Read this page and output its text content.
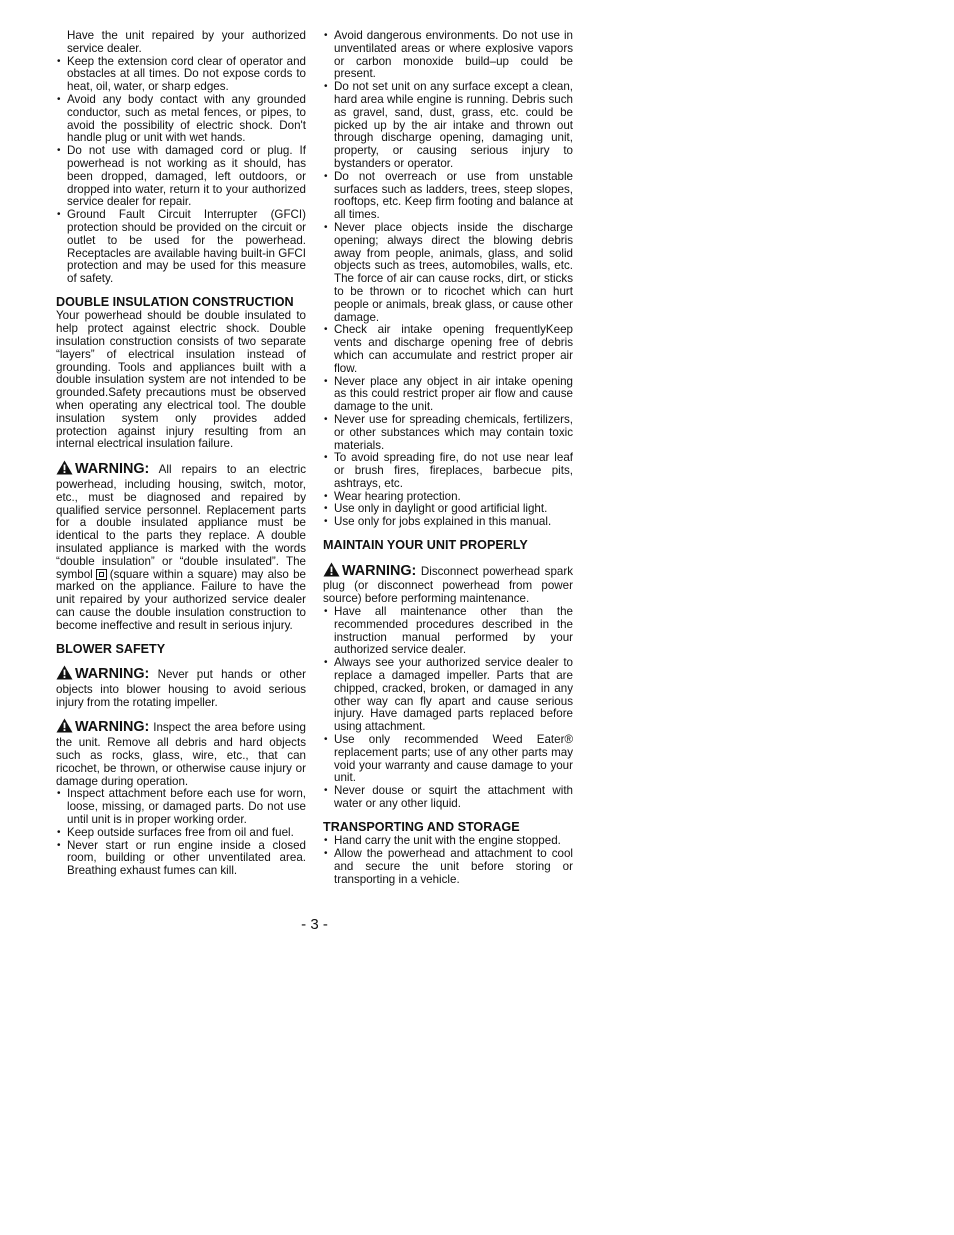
Have the unit repaired by your authorized service dealer.

• Keep the extension cord clear of operator and obstacles at all times. Do not expose cords to heat, oil, water, or sharp edges.
• Avoid any body contact with any grounded conductor, such as metal fences, or pipes, to avoid the possibility of electric shock. Don't handle plug or unit with wet hands.
• Do not use with damaged cord or plug. If powerhead is not working as it should, has been dropped, damaged, left outdoors, or dropped into water, return it to your authorized service dealer for repair.
• Ground Fault Circuit Interrupter (GFCI) protection should be provided on the circuit or outlet to be used for the powerhead. Receptacles are available having built-in GFCI protection and may be used for this measure of safety.
DOUBLE INSULATION CONSTRUCTION

Your powerhead should be double insulated to help protect against electric shock. Double insulation construction consists of two separate “layers” of electrical insulation instead of grounding. Tools and appliances built with a double insulation system are not intended to be grounded.Safety precautions must be observed when operating any electrical tool. The double insulation system only provides added protection against injury resulting from an internal electrical insulation failure.

WARNING: All repairs to an electric powerhead, including housing, switch, motor, etc., must be diagnosed and repaired by qualified service personnel. Replacement parts for a double insulated appliance must be identical to the parts they replace. A double insulated appliance is marked with the words “double insulation” or “double insulated”. The symbol (square within a square) may also be marked on the appliance. Failure to have the unit repaired by your authorized service dealer can cause the double insulation construction to become ineffective and result in serious injury.

BLOWER SAFETY

WARNING: Never put hands or other objects into blower housing to avoid serious injury from the rotating impeller.

WARNING: Inspect the area before using the unit. Remove all debris and hard objects such as rocks, glass, wire, etc., that can ricochet, be thrown, or otherwise cause injury or damage during operation.

• Inspect attachment before each use for worn, loose, missing, or damaged parts. Do not use until unit is in proper working order.
• Keep outside surfaces free from oil and fuel.
• Never start or run engine inside a closed room, building or other unventilated area. Breathing exhaust fumes can kill.
• Avoid dangerous environments. Do not use in unventilated areas or where explosive vapors or carbon monoxide build–up could be present.
• Do not set unit on any surface except a clean, hard area while engine is running. Debris such as gravel, sand, dust, grass, etc. could be picked up by the air intake and thrown out through discharge opening, damaging unit, property, or causing serious injury to bystanders or operator.
• Do not overreach or use from unstable surfaces such as ladders, trees, steep slopes, rooftops, etc. Keep firm footing and balance at all times.
• Never place objects inside the discharge opening; always direct the blowing debris away from people, animals, glass, and solid objects such as trees, automobiles, walls, etc. The force of air can cause rocks, dirt, or sticks to be thrown or to ricochet which can hurt people or animals, break glass, or cause other damage.
• Check air intake opening frequentlyKeep vents and discharge opening free of debris which can accumulate and restrict proper air flow.
• Never place any object in air intake opening as this could restrict proper air flow and cause damage to the unit.
• Never use for spreading chemicals, fertilizers, or other substances which may contain toxic materials.
• To avoid spreading fire, do not use near leaf or brush fires, fireplaces, barbecue pits, ashtrays, etc.
• Wear hearing protection.
• Use only in daylight or good artificial light.
• Use only for jobs explained in this manual.
MAINTAIN YOUR UNIT PROPERLY

WARNING: Disconnect powerhead spark plug (or disconnect powerhead from power source) before performing maintenance.

• Have all maintenance other than the recommended procedures described in the instruction manual performed by your authorized service dealer.
• Always see your authorized service dealer to replace a damaged impeller. Parts that are chipped, cracked, broken, or damaged in any other way can fly apart and cause serious injury. Have damaged parts replaced before using attachment.
• Use only recommended Weed Eater® replacement parts; use of any other parts may void your warranty and cause damage to your unit.
• Never douse or squirt the attachment with water or any other liquid.
TRANSPORTING AND STORAGE
• Hand carry the unit with the engine stopped.
• Allow the powerhead and attachment to cool and secure the unit before storing or transporting in a vehicle.
- 3 -
